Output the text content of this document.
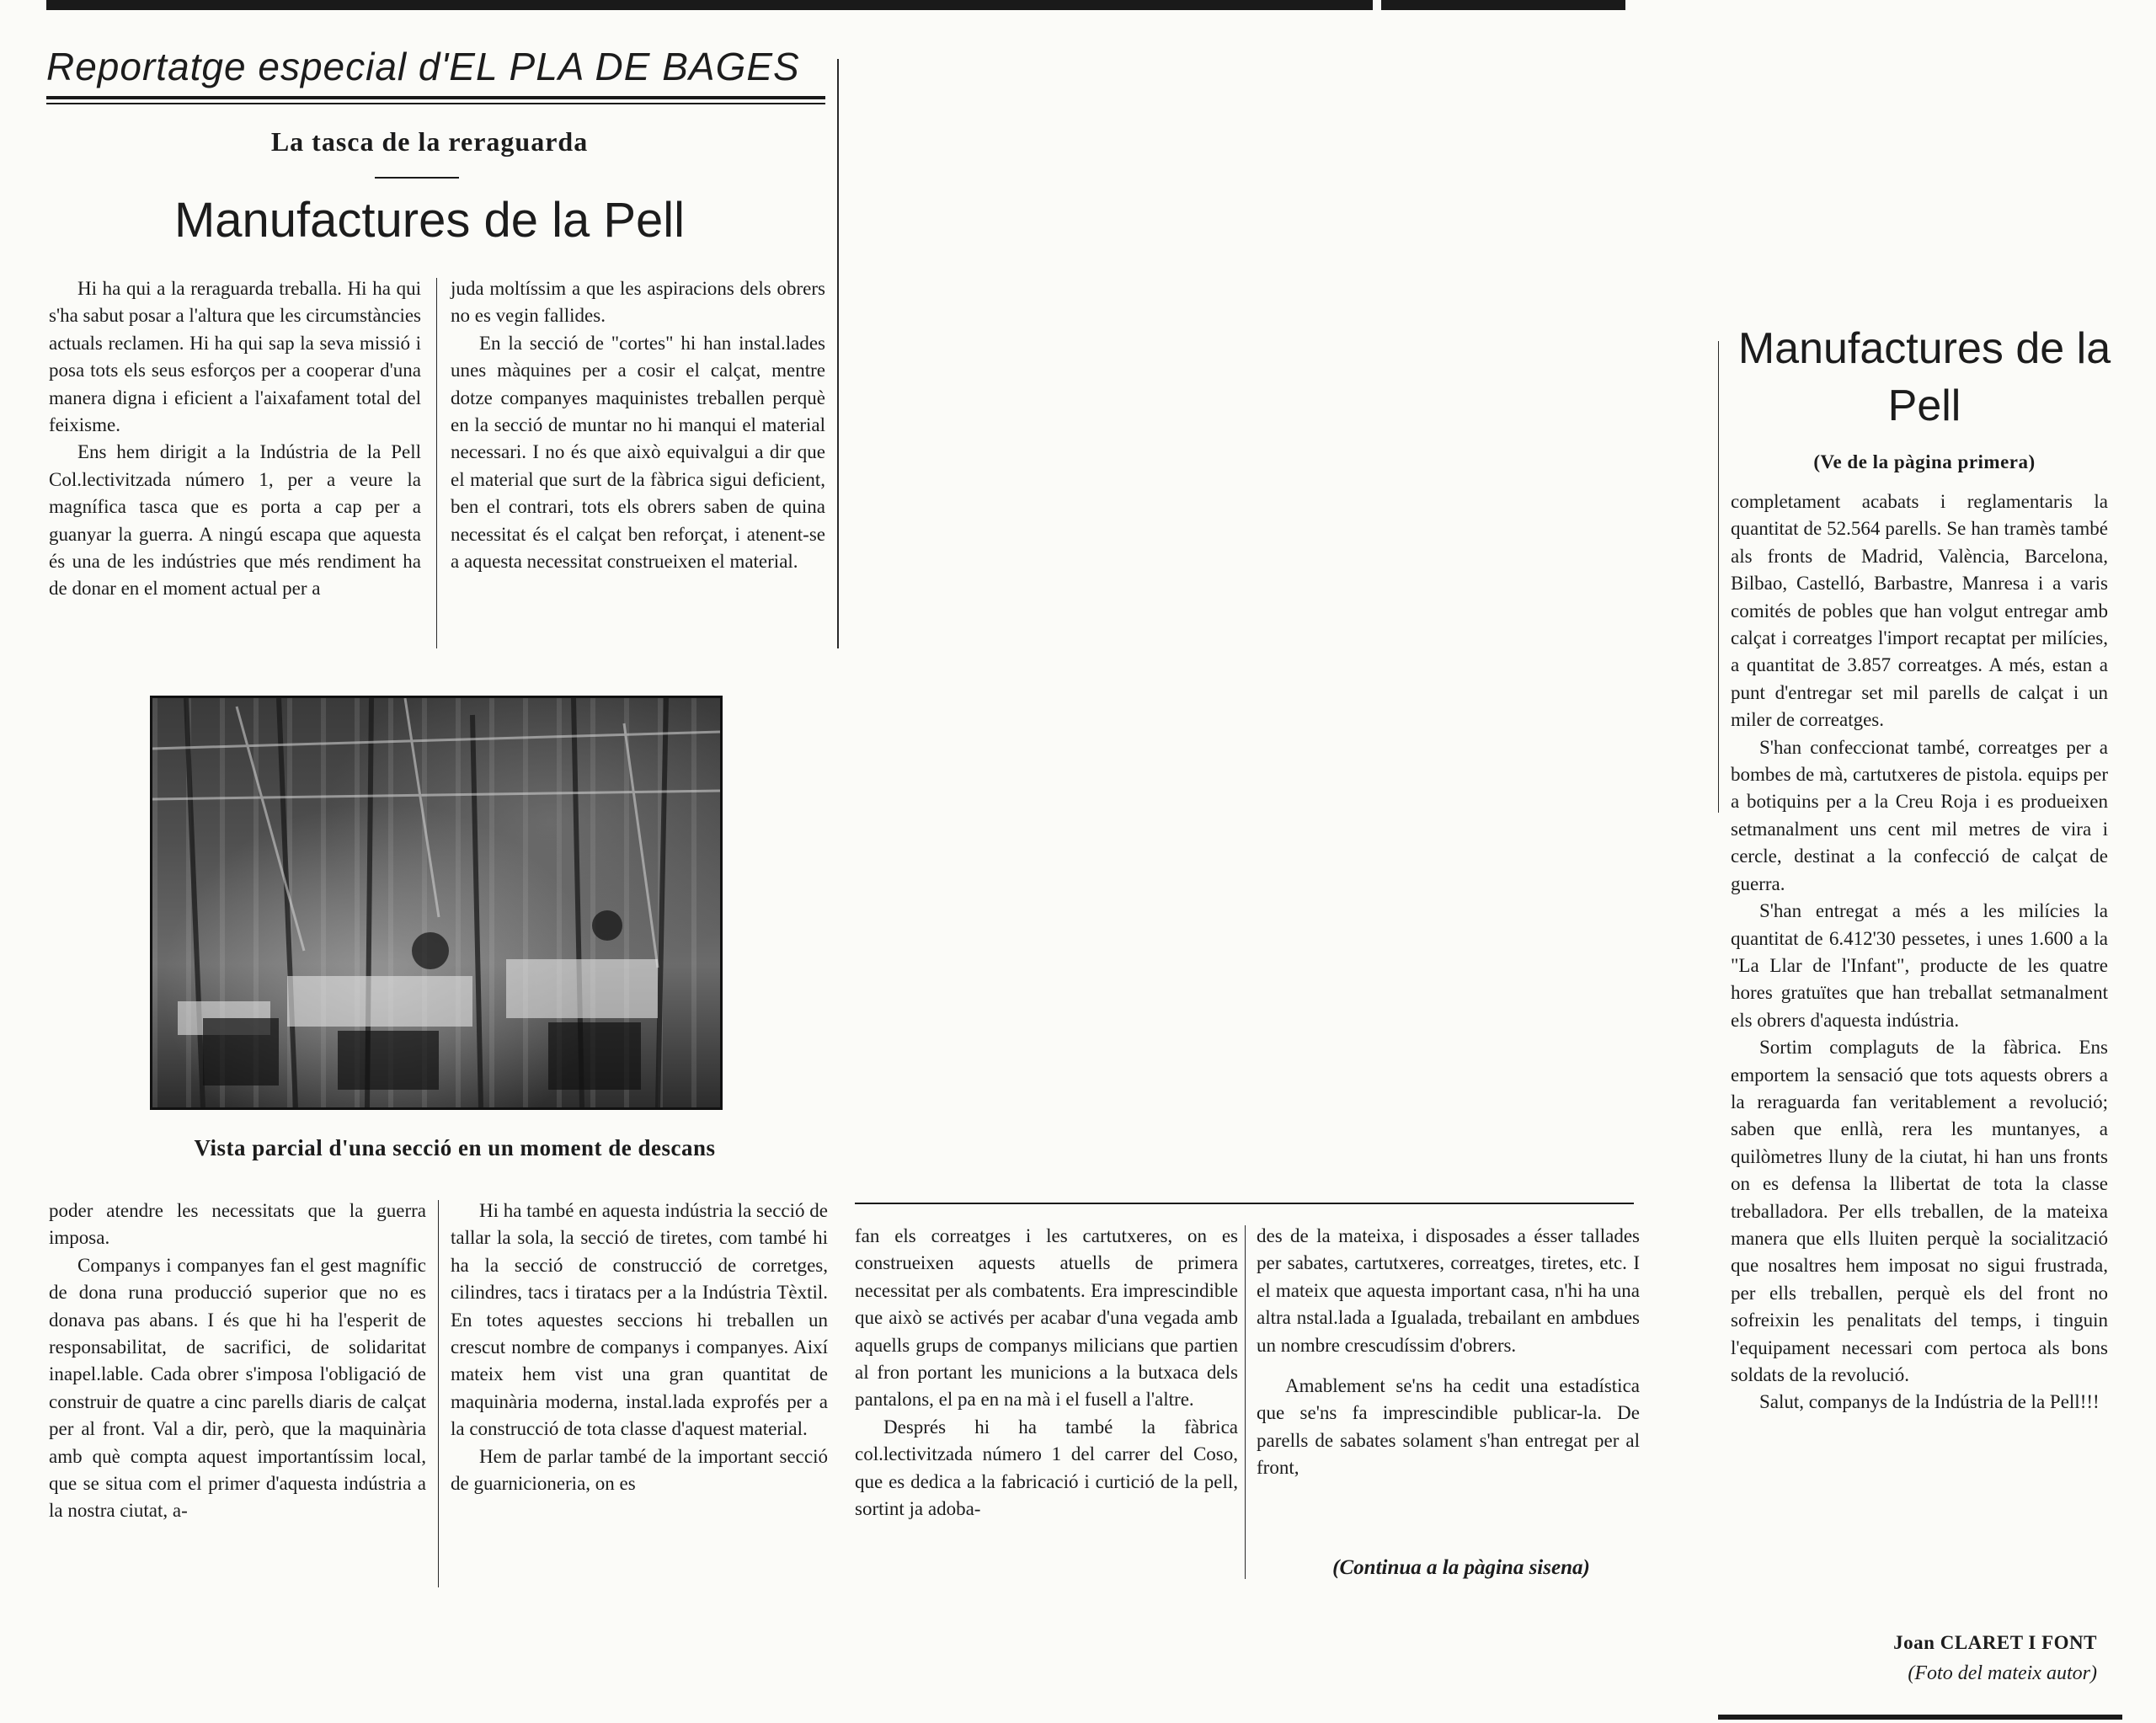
Reportatge especial d'EL PLA DE BAGES
La tasca de la reraguarda
Manufactures de la Pell

Hi ha qui a la reraguarda treballa. Hi ha qui s'ha sabut posar a l'altura que les circumstàncies actuals reclamen. Hi ha qui sap la seva missió i posa tots els seus esforços per a cooperar d'una manera digna i eficient a l'aixafament total del feixisme.

Ens hem dirigit a la Indústria de la Pell Col.lectivitzada número 1, per a veure la magnífica tasca que es porta a cap per a guanyar la guerra. A ningú escapa que aquesta és una de les indústries que més rendiment ha de donar en el moment actual per a

juda moltíssim a que les aspiracions dels obrers no es vegin fallides.

En la secció de "cortes" hi han instal.lades unes màquines per a cosir el calçat, mentre dotze companyes maquinistes treballen perquè en la secció de muntar no hi manqui el material necessari. I no és que això equivalgui a dir que el material que surt de la fàbrica sigui deficient, ben el contrari, tots els obrers saben de quina necessitat és el calçat ben reforçat, i atenent-se a aquesta necessitat construeixen el material.

Vista parcial d'una secció en un moment de descans

poder atendre les necessitats que la guerra imposa.

Companys i companyes fan el gest magnífic de dona runa producció superior que no es donava pas abans. I és que hi ha l'esperit de responsabilitat, de sacrifici, de solidaritat inapel.lable. Cada obrer s'imposa l'obligació de construir de quatre a cinc parells diaris de calçat per al front. Val a dir, però, que la maquinària amb què compta aquest importantíssim local, que se situa com el primer d'aquesta indústria a la nostra ciutat, a-

Hi ha també en aquesta indústria la secció de tallar la sola, la secció de tiretes, com també hi ha la secció de construcció de corretges, cilindres, tacs i tiratacs per a la Indústria Tèxtil. En totes aquestes seccions hi treballen un crescut nombre de companys i companyes. Així mateix hem vist una gran quantitat de maquinària moderna, instal.lada exprofés per a la construcció de tota classe d'aquest material.

Hem de parlar també de la important secció de guarnicioneria, on es

fan els correatges i les cartutxeres, on es construeixen aquests atuells de primera necessitat per als combatents. Era imprescindible que això se activés per acabar d'una vegada amb aquells grups de companys milicians que partien al fron portant les municions a la butxaca dels pantalons, el pa en na mà i el fusell a l'altre.

Després hi ha també la fàbrica col.lectivitzada número 1 del carrer del Coso, que es dedica a la fabricació i curtició de la pell, sortint ja adoba-

des de la mateixa, i disposades a ésser tallades per sabates, cartutxeres, correatges, tiretes, etc. I el mateix que aquesta important casa, n'hi ha una altra nstal.lada a Igualada, trebailant en ambdues un nombre crescudíssim d'obrers.

Amablement se'ns ha cedit una estadística que se'ns fa imprescindible publicar-la. De parells de sabates solament s'han entregat per al front,

(Continua a la pàgina sisena)
Manufactures de la Pell
(Ve de la pàgina primera)

completament acabats i reglamentaris la quantitat de 52.564 parells. Se han tramès també als fronts de Madrid, València, Barcelona, Bilbao, Castelló, Barbastre, Manresa i a varis comités de pobles que han volgut entregar amb calçat i correatges l'import recaptat per milícies, a quantitat de 3.857 correatges. A més, estan a punt d'entregar set mil parells de calçat i un miler de correatges.

S'han confeccionat també, correatges per a bombes de mà, cartutxeres de pistola. equips per a botiquins per a la Creu Roja i es produeixen setmanalment uns cent mil metres de vira i cercle, destinat a la confecció de calçat de guerra.

S'han entregat a més a les milícies la quantitat de 6.412'30 pessetes, i unes 1.600 a la "La Llar de l'Infant", producte de les quatre hores gratuïtes que han treballat setmanalment els obrers d'aquesta indústria.

Sortim complaguts de la fàbrica. Ens emportem la sensació que tots aquests obrers a la reraguarda fan veritablement a revolució; saben que enllà, rera les muntanyes, a quilòmetres lluny de la ciutat, hi han uns fronts on es defensa la llibertat de tota la classe treballadora. Per ells treballen, de la mateixa manera que ells lluiten perquè la socialització que nosaltres hem imposat no sigui frustrada, per ells treballen, perquè els del front no sofreixin les penalitats del temps, i tinguin l'equipament necessari com pertoca als bons soldats de la revolució.

Salut, companys de la Indústria de la Pell!!!

Joan CLARET I FONT
(Foto del mateix autor)
